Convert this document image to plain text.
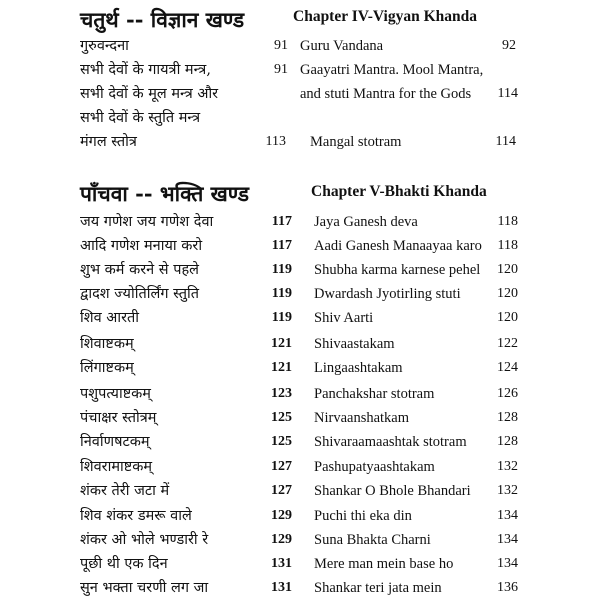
चतुर्थ -- विज्ञान खण्ड	Chapter IV-Vigyan Khanda
गुरुवन्दना	91 Guru Vandana	92
सभी देवों के गायत्री मन्त्र,	91 Gaayatri Mantra. Mool Mantra,
सभी देवों के मूल मन्त्र और	and stuti Mantra for the Gods	114
सभी देवों के स्तुति मन्त्र
मंगल स्तोत्र	113 Mangal stotram	114
पाँचवा -- भक्ति खण्ड	Chapter V-Bhakti Khanda
जय गणेश जय गणेश देवा	117 Jaya Ganesh deva	118
आदि गणेश मनाया करो	117 Aadi Ganesh Manaayaa karo	118
शुभ कर्म करने से पहले	119 Shubha karma karnese pehel	120
द्वादश ज्योतिर्लिंग स्तुति	119 Dwardash Jyotirling stuti	120
शिव आरती	119 Shiv Aarti	120
शिवाष्टकम्	121 Shivaastakam	122
लिंगाष्टकम्	121 Lingaashtakam	124
पशुपत्याष्टकम्	123 Panchakshar stotram	126
पंचाक्षर स्तोत्रम्	125 Nirvaanshatkam	128
निर्वाणषटकम्	125 Shivaraamaashtak stotram	128
शिवरामाष्टकम्	127 Pashupatyaashtakam	132
शंकर तेरी जटा में	127 Shankar O Bhole Bhandari	132
शिव शंकर डमरू वाले	129 Puchi thi eka din	134
शंकर ओ भोले भण्डारी रे	129 Suna Bhakta Charni	134
पूछी थी एक दिन	131 Mere man mein base ho	134
सुन भक्ता चरणी लग जा	131 Shankar teri jata mein	136
